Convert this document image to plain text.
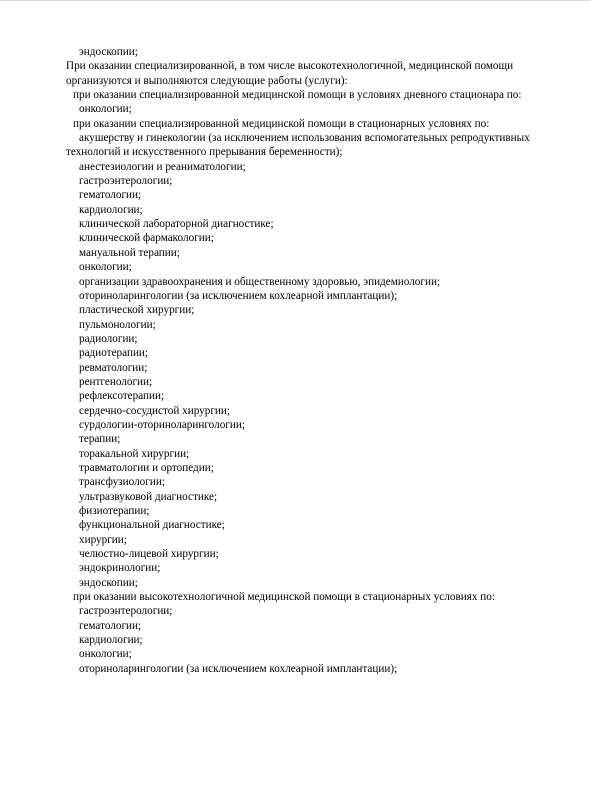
эндоскопии;
При оказании специализированной, в том числе высокотехнологичной, медицинской помощи
организуются и выполняются следующие работы (услуги):
при оказании специализированной медицинской помощи в условиях дневного стационара по:
онкологии;
при оказании специализированной медицинской помощи в стационарных условиях по:
акушерству и гинекологии (за исключением использования вспомогательных репродуктивных
технологий и искусственного прерывания беременности);
анестезиологии и реаниматологии;
гастроэнтерологии;
гематологии;
кардиологии;
клинической лабораторной диагностике;
клинической фармакологии;
мануальной терапии;
онкологии;
организации здравоохранения и общественному здоровью, эпидемиологии;
оториноларингологии (за исключением кохлеарной имплантации);
пластической хирургии;
пульмонологии;
радиологии;
радиотерапии;
ревматологии;
рентгенологии;
рефлексотерапии;
сердечно-сосудистой хирургии;
сурдологии-оториноларингологии;
терапии;
торакальной хирургии;
травматологии и ортопедии;
трансфузиологии;
ультразвуковой диагностике;
физиотерапии;
функциональной диагностике;
хирургии;
челюстно-лицевой хирургии;
эндокринологии;
эндоскопии;
при оказании высокотехнологичной медицинской помощи в стационарных условиях по:
гастроэнтерологии;
гематологии;
кардиологии;
онкологии;
оториноларингологии (за исключением кохлеарной имплантации);
